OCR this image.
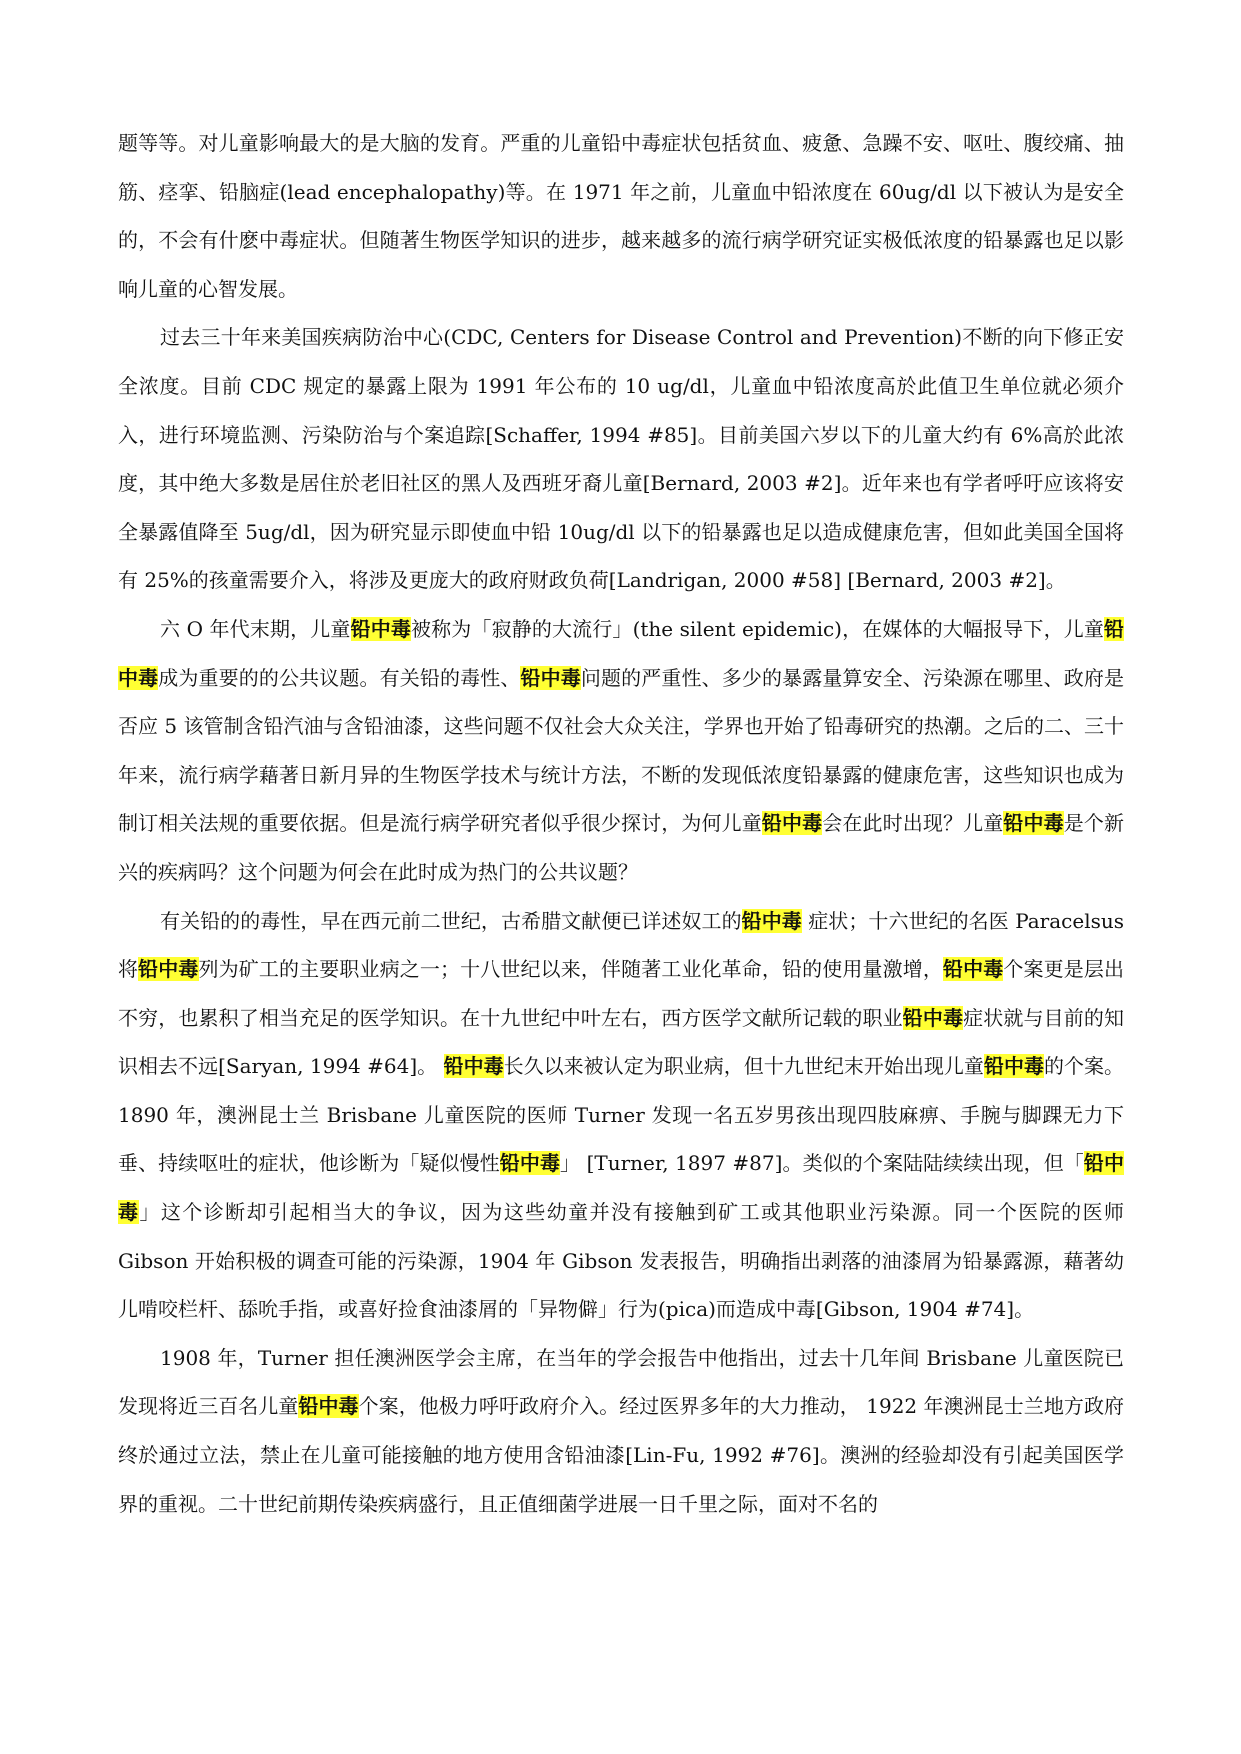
题等等。对儿童影响最大的是大脑的发育。严重的儿童铅中毒症状包括贫血、疲惫、急躁不安、呕吐、腹绞痛、抽筋、痉挛、铅脑症(lead encephalopathy)等。在 1971 年之前，儿童血中铅浓度在 60ug/dl 以下被认为是安全的，不会有什麽中毒症状。但随著生物医学知识的进步，越来越多的流行病学研究证实极低浓度的铅暴露也足以影响儿童的心智发展。

过去三十年来美国疾病防治中心(CDC, Centers for Disease Control and Prevention)不断的向下修正安全浓度。目前 CDC 规定的暴露上限为 1991 年公布的 10 ug/dl，儿童血中铅浓度高於此值卫生单位就必须介入，进行环境监测、污染防治与个案追踪[Schaffer, 1994 #85]。目前美国六岁以下的儿童大约有 6%高於此浓度，其中绝大多数是居住於老旧社区的黑人及西班牙裔儿童[Bernard, 2003 #2]。近年来也有学者呼吁应该将安全暴露值降至 5ug/dl，因为研究显示即使血中铅 10ug/dl 以下的铅暴露也足以造成健康危害，但如此美国全国将有 25%的孩童需要介入，将涉及更庞大的政府财政负荷[Landrigan, 2000 #58] [Bernard, 2003 #2]。

六 O 年代末期，儿童铅中毒被称为「寂静的大流行」(the silent epidemic)，在媒体的大幅报导下，儿童铅中毒成为重要的的公共议题。有关铅的毒性、铅中毒问题的严重性、多少的暴露量算安全、污染源在哪里、政府是否应 5 该管制含铅汽油与含铅油漆，这些问题不仅社会大众关注，学界也开始了铅毒研究的热潮。之后的二、三十年来，流行病学藉著日新月异的生物医学技术与统计方法，不断的发现低浓度铅暴露的健康危害，这些知识也成为制订相关法规的重要依据。但是流行病学研究者似乎很少探讨，为何儿童铅中毒会在此时出现？儿童铅中毒是个新兴的疾病吗？这个问题为何会在此时成为热门的公共议题？

有关铅的的毒性，早在西元前二世纪，古希腊文献便已详述奴工的铅中毒 症状；十六世纪的名医 Paracelsus 将铅中毒列为矿工的主要职业病之一；十八世纪以来，伴随著工业化革命，铅的使用量激增，铅中毒个案更是层出不穷，也累积了相当充足的医学知识。在十九世纪中叶左右，西方医学文献所记载的职业铅中毒症状就与目前的知识相去不远[Saryan, 1994 #64]。 铅中毒长久以来被认定为职业病，但十九世纪末开始出现儿童铅中毒的个案。1890 年，澳洲昆士兰 Brisbane 儿童医院的医师 Turner 发现一名五岁男孩出现四肢麻痹、手腕与脚踝无力下垂、持续呕吐的症状，他诊断为「疑似慢性铅中毒」 [Turner, 1897 #87]。类似的个案陆陆续续出现，但「铅中毒」这个诊断却引起相当大的争议，因为这些幼童并没有接触到矿工或其他职业污染源。同一个医院的医师 Gibson 开始积极的调查可能的污染源，1904 年 Gibson 发表报告，明确指出剥落的油漆屑为铅暴露源，藉著幼儿啃咬栏杆、舔吮手指，或喜好捡食油漆屑的「异物僻」行为(pica)而造成中毒[Gibson, 1904 #74]。

1908 年，Turner 担任澳洲医学会主席，在当年的学会报告中他指出，过去十几年间 Brisbane 儿童医院已发现将近三百名儿童铅中毒个案，他极力呼吁政府介入。经过医界多年的大力推动， 1922 年澳洲昆士兰地方政府终於通过立法，禁止在儿童可能接触的地方使用含铅油漆[Lin-Fu, 1992 #76]。澳洲的经验却没有引起美国医学界的重视。二十世纪前期传染疾病盛行，且正值细菌学进展一日千里之际，面对不名的
